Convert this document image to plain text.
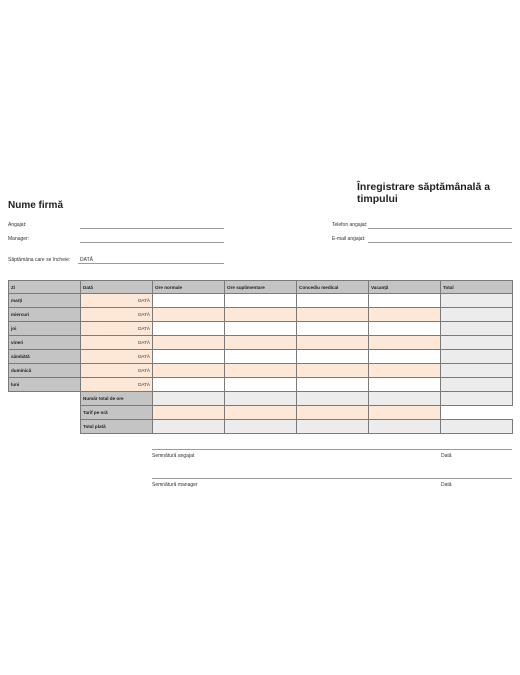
Înregistrare săptămânală a timpului
Nume firmă
Angajat:
Manager:
Săptămâna care se încheie: DATĂ
Telefon angajat:
E-mail angajat:
Zi	Dată	Ore normale	Ore suplimentare	Concediu medical	Vacanță	Total
marți	DATĂ					
miercuri	DATĂ					
joi	DATĂ					
vineri	DATĂ					
sâmbătă	DATĂ					
duminică	DATĂ					
luni	DATĂ					
	Număr total de ore					
	Tarif pe oră					
	Total plată					
Semnătură angajat	Dată
Semnătură manager	Dată
